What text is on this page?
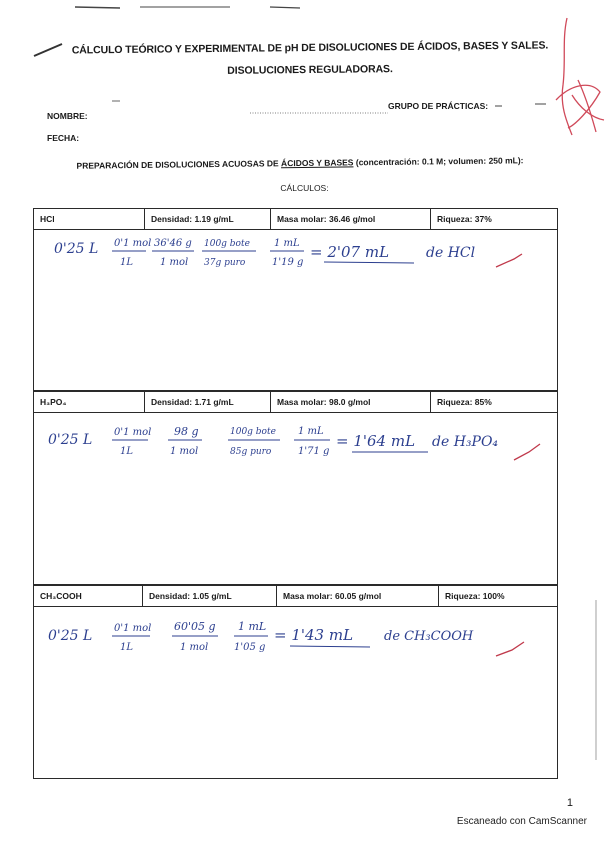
CÁLCULO TEÓRICO Y EXPERIMENTAL DE pH DE DISOLUCIONES DE ÁCIDOS, BASES Y SALES.
DISOLUCIONES REGULADORAS.
NOMBRE:
GRUPO DE PRÁCTICAS:
FECHA:
PREPARACIÓN DE DISOLUCIONES ACUOSAS DE ÁCIDOS Y BASES (concentración: 0.1 M; volumen: 250 mL):
CÁLCULOS:
HCl	Densidad: 1.19 g/mL	Masa molar: 36.46 g/mol	Riqueza: 37%
0'25 L 0'1 mol
1L
36'46 g
1 mol
100g bote
37g puro
1 mL
1'19 g
= 2'07 mL	de HCl
H₃PO₄	Densidad: 1.71 g/mL	Masa molar: 98.0 g/mol	Riqueza: 85%
0'25 L 0'1 mol
1L
98 g
1 mol
100g bote
85g puro
1 mL
1'71 g
= 1'64 mL de H₃PO₄
CH₃COOH	Densidad: 1.05 g/mL	Masa molar: 60.05 g/mol	Riqueza: 100%
0'25 L 0'1 mol
1L
60'05 g
1 mol
1 mL
1'05 g
= 1'43 mL de CH₃COOH
1
Escaneado con CamScanner
